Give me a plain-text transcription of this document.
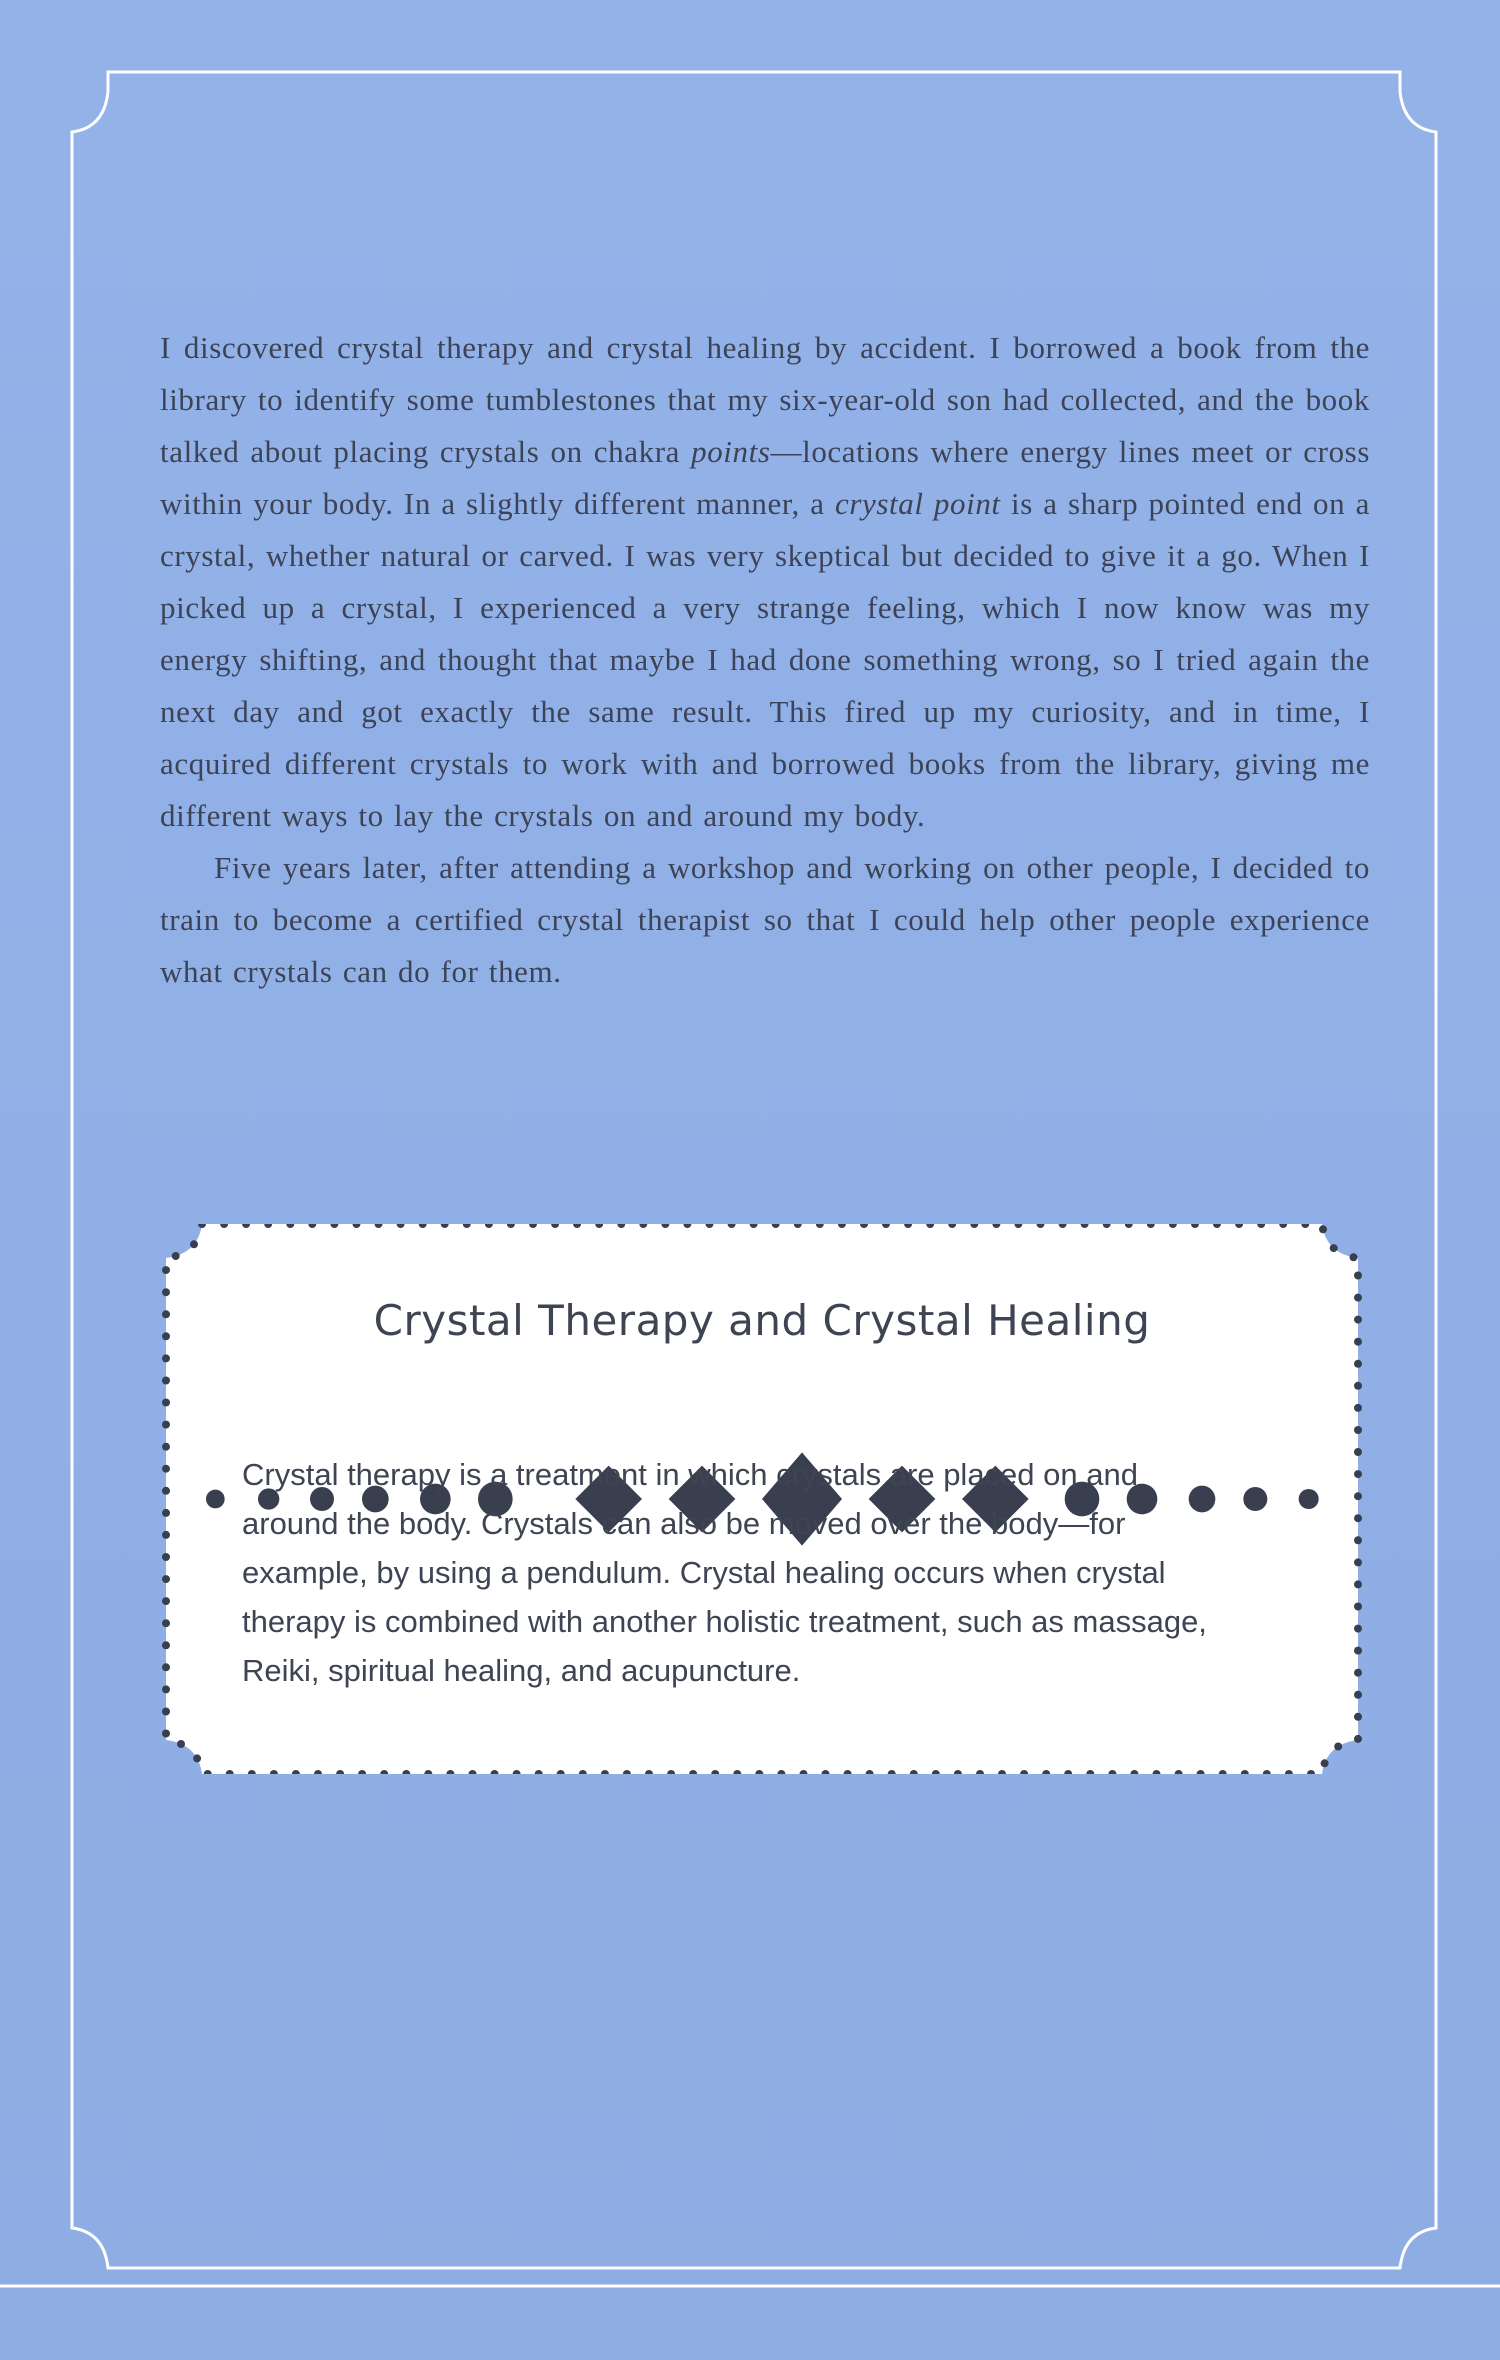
I discovered crystal therapy and crystal healing by accident. I borrowed a book from the library to identify some tumblestones that my six-year-old son had collected, and the book talked about placing crystals on chakra points—locations where energy lines meet or cross within your body. In a slightly different manner, a crystal point is a sharp pointed end on a crystal, whether natural or carved. I was very skeptical but decided to give it a go. When I picked up a crystal, I experienced a very strange feeling, which I now know was my energy shifting, and thought that maybe I had done something wrong, so I tried again the next day and got exactly the same result. This fired up my curiosity, and in time, I acquired different crystals to work with and borrowed books from the library, giving me different ways to lay the crystals on and around my body.

Five years later, after attending a workshop and working on other people, I decided to train to become a certified crystal therapist so that I could help other people experience what crystals can do for them.

Crystal Therapy and Crystal Healing
Crystal therapy is a treatment in which crystals are placed on and around the body. Crystals can also be moved over the body—for example, by using a pendulum. Crystal healing occurs when crystal therapy is combined with another holistic treatment, such as massage, Reiki, spiritual healing, and acupuncture.
